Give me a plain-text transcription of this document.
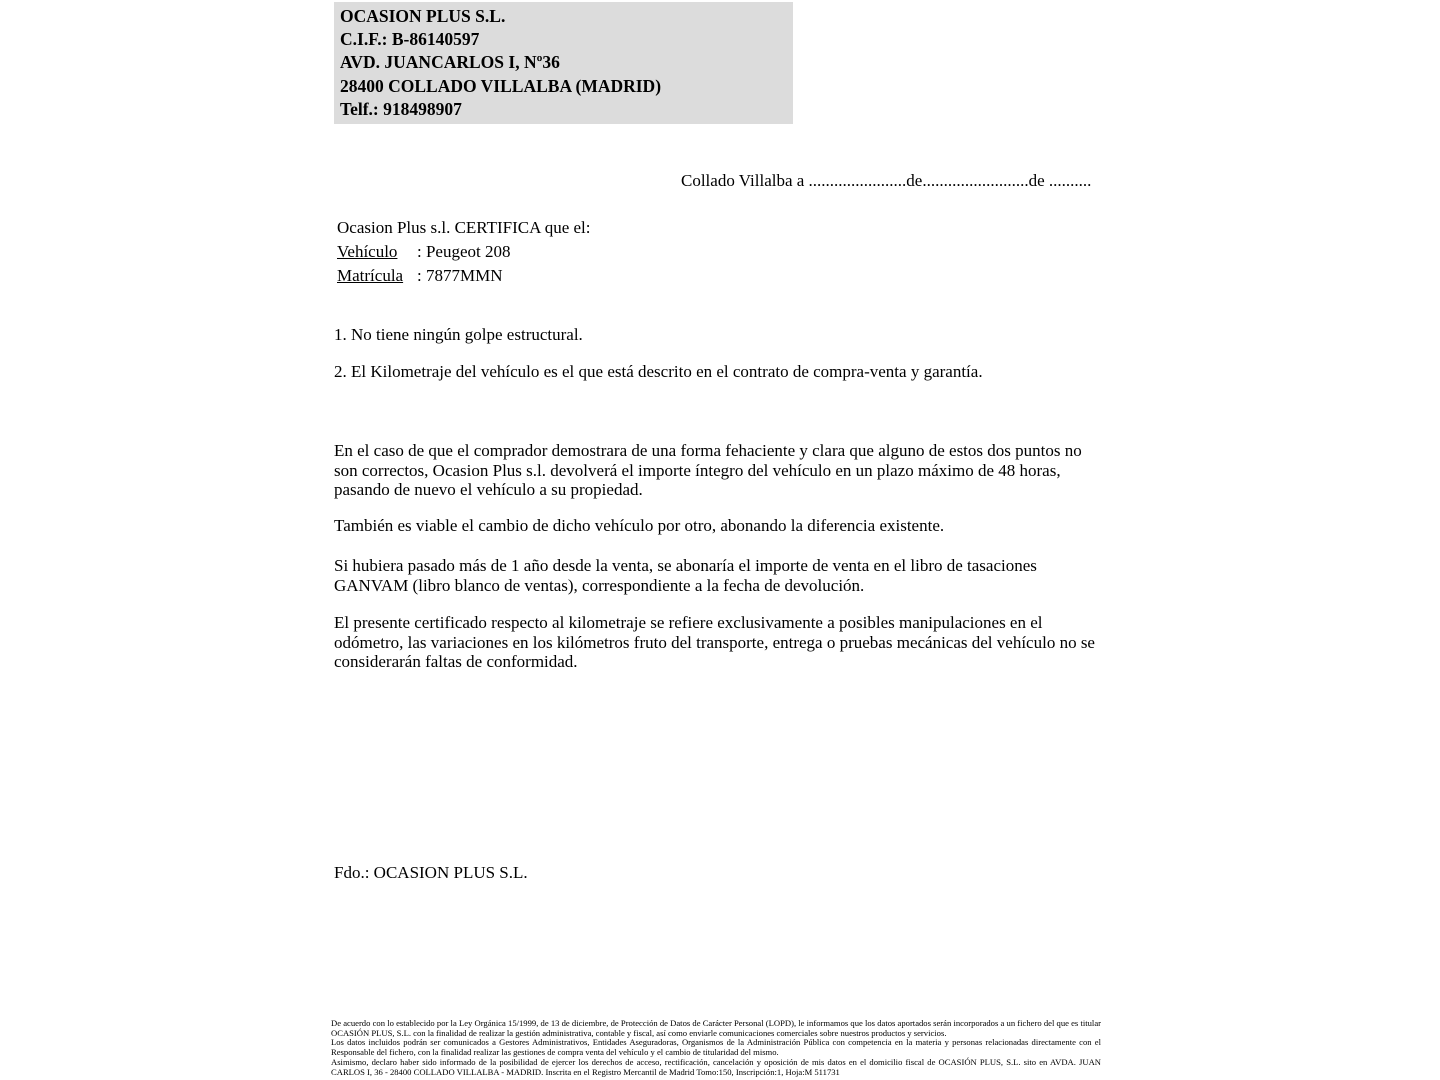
OCASION PLUS S.L.
C.I.F.: B-86140597
AVD. JUANCARLOS I, Nº36
28400 COLLADO VILLALBA (MADRID)
Telf.: 918498907
Collado Villalba a .......................de.........................de ..........
Ocasion Plus s.l. CERTIFICA que el:
Vehículo : Peugeot 208
Matrícula : 7877MMN
1. No tiene ningún golpe estructural.
2. El Kilometraje del vehículo es el que está descrito en el contrato de compra-venta y garantía.
En el caso de que el comprador demostrara de una forma fehaciente y clara que alguno de estos dos puntos no son correctos, Ocasion Plus s.l. devolverá el importe íntegro del vehículo en un plazo máximo de 48 horas, pasando de nuevo el vehículo a su propiedad.
También es viable el cambio de dicho vehículo por otro, abonando la diferencia existente.
Si hubiera pasado más de 1 año desde la venta, se abonaría el importe de venta en el libro de tasaciones GANVAM (libro blanco de ventas), correspondiente a la fecha de devolución.
El presente certificado respecto al kilometraje se refiere exclusivamente a posibles manipulaciones en el odómetro, las variaciones en los kilómetros fruto del transporte, entrega o pruebas mecánicas del vehículo no se considerarán faltas de conformidad.
Fdo.: OCASION PLUS S.L.
De acuerdo con lo establecido por la Ley Orgánica 15/1999, de 13 de diciembre, de Protección de Datos de Carácter Personal (LOPD), le informamos que los datos aportados serán incorporados a un fichero del que es titular OCASIÓN PLUS, S.L. con la finalidad de realizar la gestión administrativa, contable y fiscal, así como enviarle comunicaciones comerciales sobre nuestros productos y servicios.
Los datos incluidos podrán ser comunicados a Gestores Administrativos, Entidades Aseguradoras, Organismos de la Administración Pública con competencia en la materia y personas relacionadas directamente con el Responsable del fichero, con la finalidad realizar las gestiones de compra venta del vehículo y el cambio de titularidad del mismo.
Asimismo, declaro haber sido informado de la posibilidad de ejercer los derechos de acceso, rectificación, cancelación y oposición de mis datos en el domicilio fiscal de OCASIÓN PLUS, S.L. sito en AVDA. JUAN CARLOS I, 36 - 28400 COLLADO VILLALBA - MADRID. Inscrita en el Registro Mercantil de Madrid Tomo:150, Inscripción:1, Hoja:M 511731
